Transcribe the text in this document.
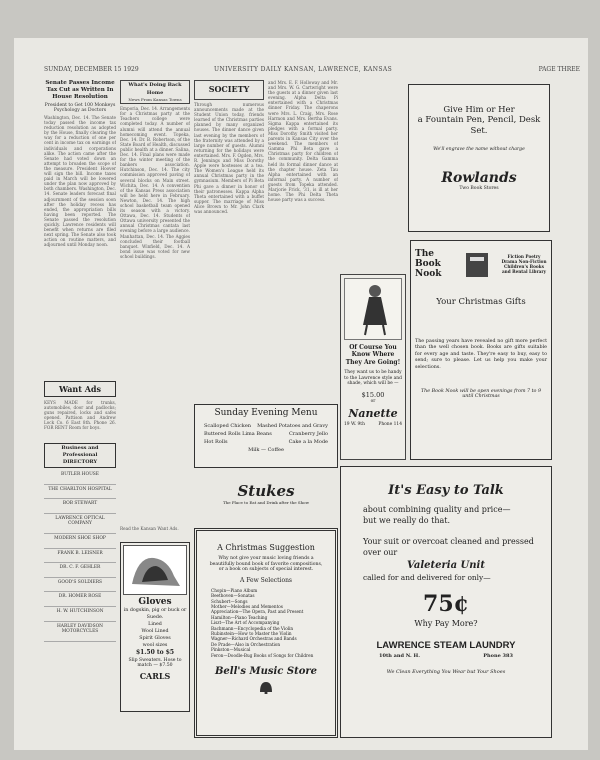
SUNDAY, DECEMBER 15 1929	UNIVERSITY DAILY KANSAN, LAWRENCE, KANSAS	PAGE THREE
Senate Passes Income Tax Cut as Written In House Resolution
President to Get 100 Monkeys Psychology as Doctors
Washington, Dec. 14. The Senate today passed the income tax reduction resolution as adopted by the House, finally clearing the way for a reduction of one per cent in income tax on earnings of individuals and corporations alike. The action came after the Senate had voted down an attempt to broaden the scope of the measure. President Hoover will sign the bill. Income taxes paid in March will be lowered under the plan now approved by both chambers. Washington, Dec. 14. Senate leaders forecast final adjournment of the session soon after the holiday recess has ended, the appropriation bills having been reported. The Senate passed the resolution quickly. Lawrence residents will benefit when returns are filed next spring. The Senate also took action on routine matters, and adjourned until Monday noon.
Want Ads
KEYS MADE for trunks, automobiles, door and padlocks; guns repaired, locks and safes opened. Pattison and Andrew Lock Co. 6 East 8th. Phone 26. FOR RENT Room for boys.
Business and Professional DIRECTORY
BUTLER HOUSE
THE CHARLTON HOSPITAL
BOB STEWART
LAWRENCE OPTICAL COMPANY
MODERN SHOE SHOP
FRANK B. LEISNER
DR. C. F. GEHLER
GOOD'S SOLDIERS
DR. HOMER ROSE
H. W. HUTCHINSON
HARLEY DAVIDSON MOTORCYCLES
What's Doing Back Home
News From Kansas Towns
Emporia, Dec. 14. Arrangements for a Christmas party at the Teachers college were completed today. A number of alumni will attend the annual homecoming event. Topeka, Dec. 14. Dr. B. Robertson, of the State Board of Health, discussed public health at a dinner. Salina, Dec. 14. Final plans were made for the winter meeting of the bankers association. Hutchinson, Dec. 14. The city commission approved paving of several blocks on Main street. Wichita, Dec. 14. A convention of the Kansas Press association will be held here in February. Newton, Dec. 14. The high school basketball team opened its season with a victory. Ottawa, Dec. 14. Students of Ottawa university presented the annual Christmas cantata last evening before a large audience. Manhattan, Dec. 14. The Aggies concluded their football banquet. Winfield, Dec. 14. A bond issue was voted for new school buildings.
Read the Kansan Want Ads.
Gloves
in dogskin, pig or buck or Suede.
Lined
Wool Lined
Spirit Gloves
wool sizes
$1.50 to $5
Slip Sweaters. Hose to match — $7.50
CARLS
SOCIETY
Through numerous announcements made at the Student Union today, friends learned of the Christmas parties planned by many organized houses. The dinner dance given last evening by the members of the fraternity was attended by a large number of guests. Alumni returning for the holidays were entertained. Mrs. F. Ogden, Mrs. R. Jennings and Miss Dorothy Apple were hostesses at a tea. The Women's League held its annual Christmas party in the gymnasium. Members of Pi Beta Phi gave a dinner in honor of their patronesses. Kappa Alpha Theta entertained with a buffet supper. The marriage of Miss Alice Brown to Mr. John Clark was announced.
and Mrs. E. F. Holloway and Mr. and Mrs. W. G. Cartwright were the guests at a dinner given last evening. Alpha Delta Pi entertained with a Christmas dinner Friday. The chaperons were Mrs. L. Craig, Mrs. Rose Harmon and Mrs. Bertha Evans. Sigma Kappa entertained its pledges with a formal party. Miss Dorothy Smith visited her parents in Kansas City over the weekend. The members of Gamma Phi Beta gave a Christmas party for children of the community. Delta Gamma held its formal dinner dance at the chapter house. Zeta Tau Alpha entertained with an informal party. A number of guests from Topeka attended. Marjorie Frick, '31, is ill at her home. The Phi Delta Theta house party was a success.
Sunday Evening Menu
Scalloped Chicken Mashed Potatoes and Gravy
Buttered Rolls Lima Beans	Cranberry Jello
Hot Rolls	Cake a la Mode
Milk — Coffee
Stukes
The Place to Eat and Drink after the Show
A Christmas Suggestion
Why not give your music loving friends a beautifully bound book of favorite compositions, or a book on subjects of special interest.
A Few Selections
Chopin—Piano Album
Beethoven—Sonatas
Schubert—Songs
Mother—Melodies and Mementos
Appreciation—The Opera, Past and Present
Hamilton—Piano Teaching
Liszt—The Art of Accompanying
Bachmann—Encyclopedia of the Violin
Rubinstein—How to Master the Violin
Wagner—Richard Orchestras and Bands
De Prade—Also in Orchestration
Pinkston—Musical
Feron—Doodle-Bug Books of Songs for Children
Bell's Music Store
Give Him or Her
a Fountain Pen, Pencil, Desk Set.
We'll engrave the name without charge
Rowlands
Two Book Stores
Of Course You Know Where They Are Going!
They want us to be handy to the Lawrence style and shade, which will be —
$15.00
or
Nanette
19 W. 9th	Phone 114
The Book Nook
Fiction Poetry Drama Non-Fiction Children's Books and Rental Library
Your Christmas Gifts
The passing years have revealed no gift more perfect than the well chosen book. Books are gifts suitable for every age and taste. They're easy to buy, easy to send; sure to please. Let us help you make your selections.
The Book Nook will be open evenings from 7 to 9 until Christmas
It's Easy to Talk
about combining quality and price—
but we really do that.
Your suit or overcoat cleaned and pressed over our
Valeteria Unit
called for and delivered for only—
75¢
Why Pay More?
LAWRENCE STEAM LAUNDRY
10th and N. H.	Phone 383
We Clean Everything You Wear but Your Shoes
